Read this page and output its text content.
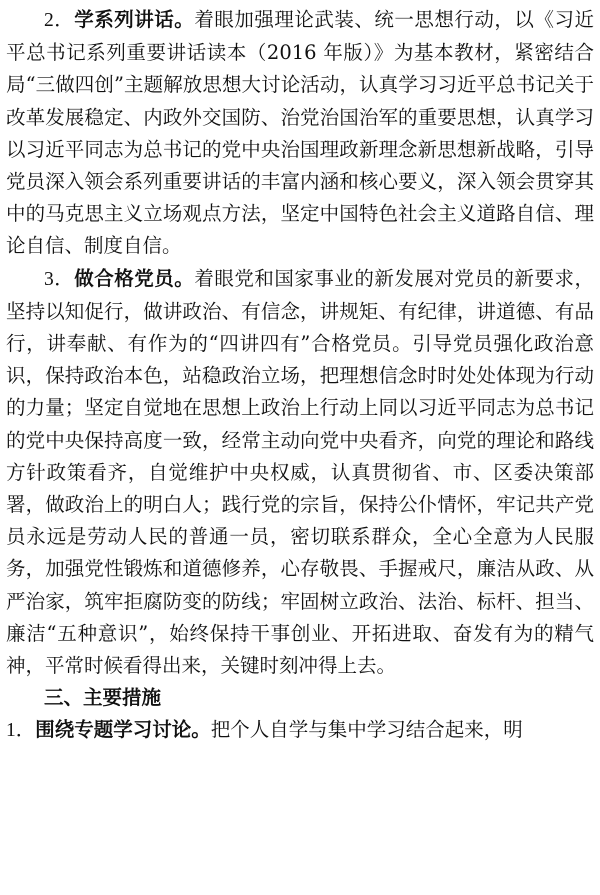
2．学系列讲话。着眼加强理论武装、统一思想行动，以《习近平总书记系列重要讲话读本（2016 年版）》为基本教材，紧密结合局“三做四创”主题解放思想大讨论活动，认真学习习近平总书记关于改革发展稳定、内政外交国防、治党治国治军的重要思想，认真学习以习近平同志为总书记的党中央治国理政新理念新思想新战略，引导党员深入领会系列重要讲话的丰富内涵和核心要义，深入领会贯穿其中的马克思主义立场观点方法，坚定中国特色社会主义道路自信、理论自信、制度自信。

3．做合格党员。着眼党和国家事业的新发展对党员的新要求，坚持以知促行，做讲政治、有信念，讲规矩、有纪律，讲道德、有品行，讲奉献、有作为的“四讲四有”合格党员。引导党员强化政治意识，保持政治本色，站稳政治立场，把理想信念时时处处体现为行动的力量；坚定自觉地在思想上政治上行动上同以习近平同志为总书记的党中央保持高度一致，经常主动向党中央看齐，向党的理论和路线方针政策看齐，自觉维护中央权威，认真贯彻省、市、区委决策部署，做政治上的明白人；践行党的宗旨，保持公仆情怀，牢记共产党员永远是劳动人民的普通一员，密切联系群众，全心全意为人民服务，加强党性锻炼和道德修养，心存敬畏、手握戒尺，廉洁从政、从严治家，筑牢拒腐防变的防线；牢固树立政治、法治、标杆、担当、廉洁“五种意识”，始终保持干事创业、开拓进取、奋发有为的精气神，平常时候看得出来，关键时刻冲得上去。

三、主要措施

1．围绕专题学习讨论。把个人自学与集中学习结合起来，明
